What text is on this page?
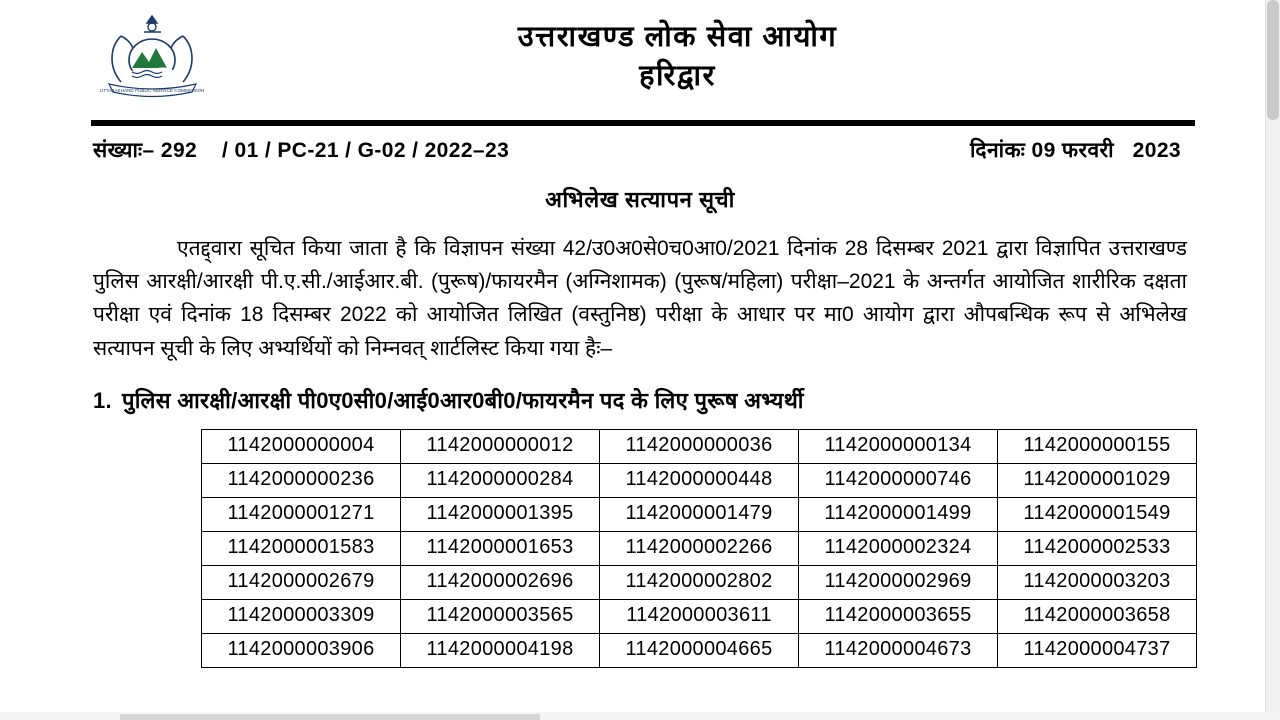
UTTARAKHAND PUBLIC SERVICE COMMISSION
उत्तराखण्ड लोक सेवा आयोग
हरिद्वार
संख्याः– 292    / 01 / PC-21 / G-02 / 2022–23	दिनांकः 09 फरवरी   2023
अभिलेख सत्यापन सूची
एतद्द्वारा सूचित किया जाता है कि विज्ञापन संख्या 42/उ0अ0से0च0आ0/2021 दिनांक 28 दिसम्बर 2021 द्वारा विज्ञापित उत्तराखण्ड पुलिस आरक्षी/आरक्षी पी.ए.सी./आईआर.बी. (पुरूष)/फायरमैन (अग्निशामक) (पुरूष/महिला) परीक्षा–2021 के अन्तर्गत आयोजित शारीरिक दक्षता परीक्षा एवं दिनांक 18 दिसम्बर 2022 को आयोजित लिखित (वस्तुनिष्ठ) परीक्षा के आधार पर मा0 आयोग द्वारा औपबन्धिक रूप से अभिलेख सत्यापन सूची के लिए अभ्यर्थियों को निम्नवत् शार्टलिस्ट किया गया हैः–
1. पुलिस आरक्षी/आरक्षी पी0ए0सी0/आई0आर0बी0/फायरमैन पद के लिए पुरूष अभ्यर्थी
1142000000004	1142000000012	1142000000036	1142000000134	1142000000155
1142000000236	1142000000284	1142000000448	1142000000746	1142000001029
1142000001271	1142000001395	1142000001479	1142000001499	1142000001549
1142000001583	1142000001653	1142000002266	1142000002324	1142000002533
1142000002679	1142000002696	1142000002802	1142000002969	1142000003203
1142000003309	1142000003565	1142000003611	1142000003655	1142000003658
1142000003906	1142000004198	1142000004665	1142000004673	1142000004737
